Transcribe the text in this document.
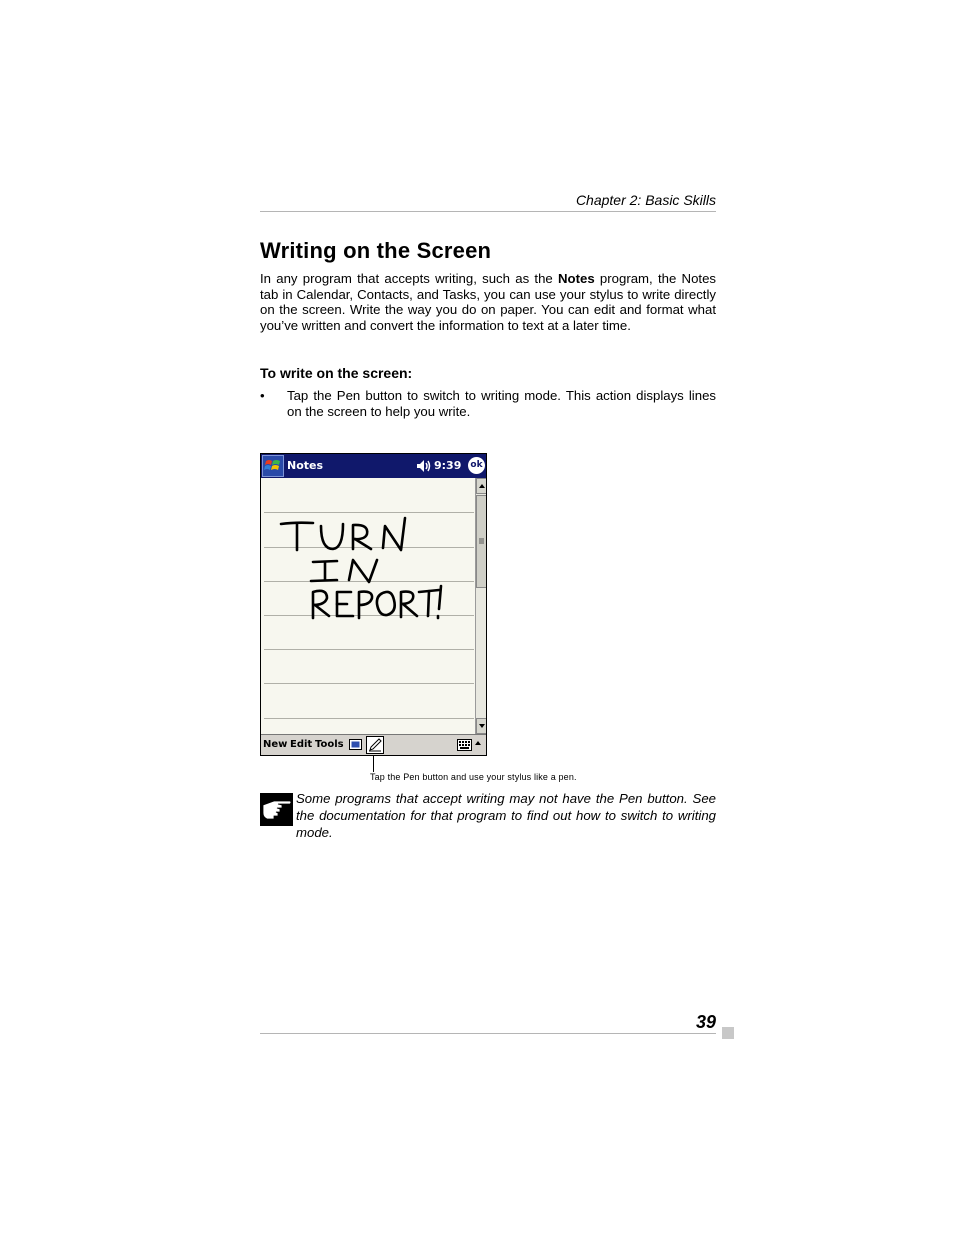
Chapter 2: Basic Skills
Writing on the Screen

In any program that accepts writing, such as the Notes program, the Notes tab in Calendar, Contacts, and Tasks, you can use your stylus to write directly on the screen. Write the way you do on paper. You can edit and format what you’ve written and convert the information to text at a later time.

To write on the screen:
• Tap the Pen button to switch to writing mode. This action displays lines on the screen to help you write.

Notes	9:39 ok
New Edit Tools

Tap the Pen button and use your stylus like a pen.

Some programs that accept writing may not have the Pen button. See the documentation for that program to find out how to switch to writing mode.

39
